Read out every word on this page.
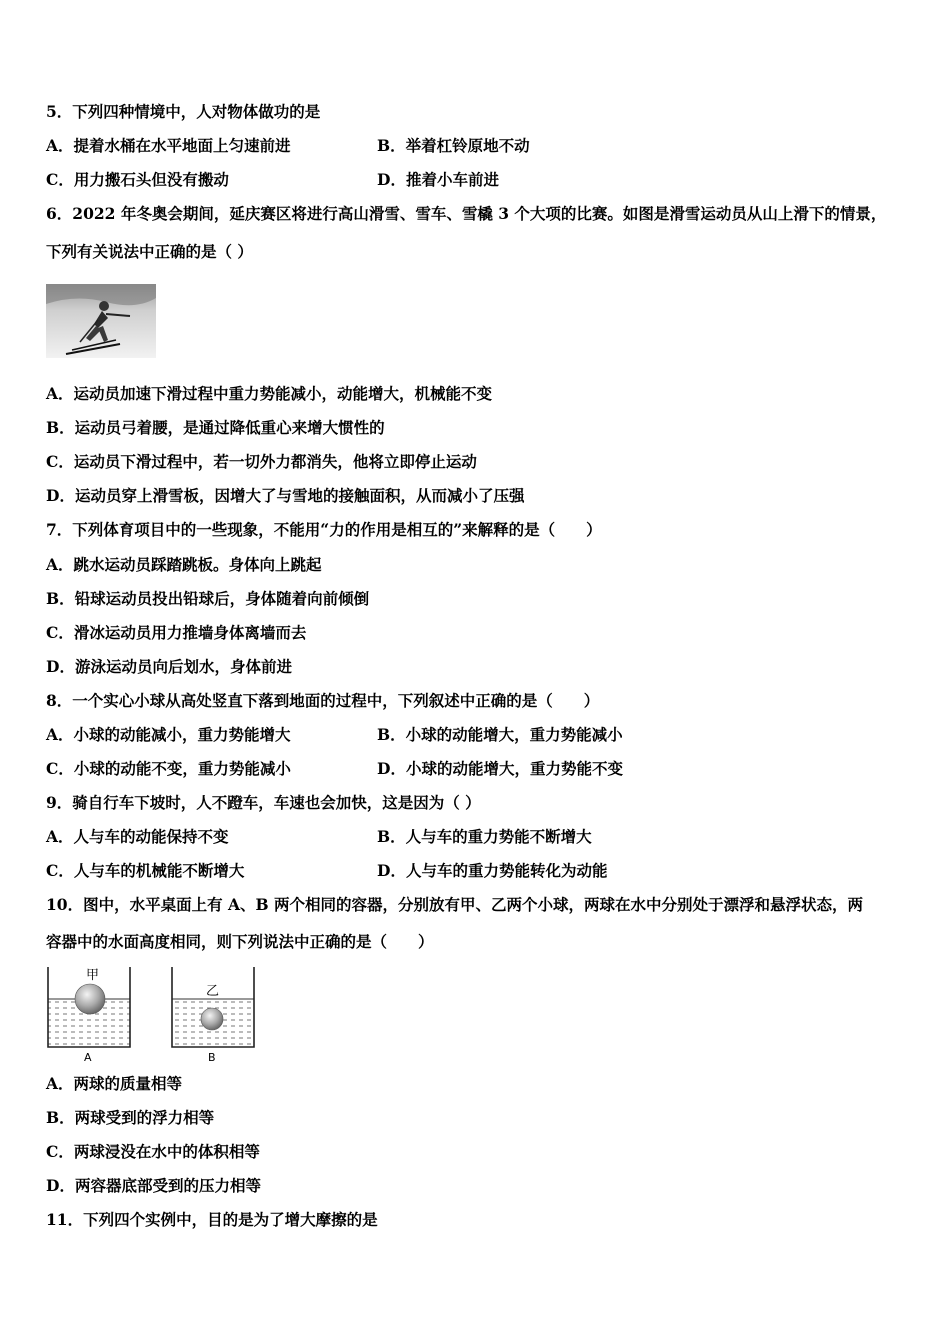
5．下列四种情境中，人对物体做功的是
A．提着水桶在水平地面上匀速前进	B．举着杠铃原地不动
C．用力搬石头但没有搬动	D．推着小车前进
6．2022 年冬奥会期间，延庆赛区将进行高山滑雪、雪车、雪橇 3 个大项的比赛。如图是滑雪运动员从山上滑下的情景，
下列有关说法中正确的是（ ）
A．运动员加速下滑过程中重力势能减小，动能增大，机械能不变
B．运动员弓着腰，是通过降低重心来增大惯性的
C．运动员下滑过程中，若一切外力都消失，他将立即停止运动
D．运动员穿上滑雪板，因增大了与雪地的接触面积，从而减小了压强
7．下列体育项目中的一些现象，不能用“力的作用是相互的”来解释的是（　　）
A．跳水运动员踩踏跳板。身体向上跳起
B．铅球运动员投出铅球后，身体随着向前倾倒
C．滑冰运动员用力推墙身体离墙而去
D．游泳运动员向后划水，身体前进
8．一个实心小球从高处竖直下落到地面的过程中，下列叙述中正确的是（　　）
A．小球的动能减小，重力势能增大	B．小球的动能增大，重力势能减小
C．小球的动能不变，重力势能减小	D．小球的动能增大，重力势能不变
9．骑自行车下坡时，人不蹬车，车速也会加快，这是因为（ ）
A．人与车的动能保持不变	B．人与车的重力势能不断增大
C．人与车的机械能不断增大	D．人与车的重力势能转化为动能
10．图中，水平桌面上有 A、B 两个相同的容器，分别放有甲、乙两个小球，两球在水中分别处于漂浮和悬浮状态，两
容器中的水面高度相同，则下列说法中正确的是（　　）
甲
A
乙
B
A．两球的质量相等
B．两球受到的浮力相等
C．两球浸没在水中的体积相等
D．两容器底部受到的压力相等
11．下列四个实例中，目的是为了增大摩擦的是
